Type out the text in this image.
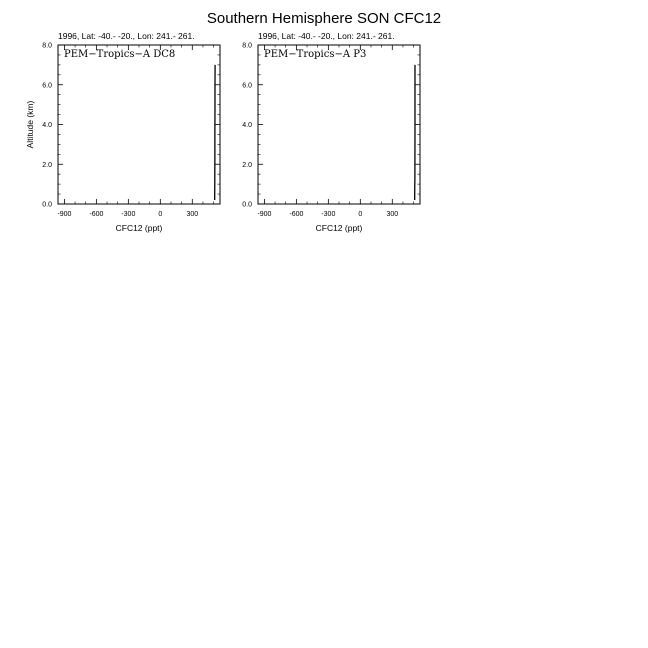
Southern Hemisphere SON CFC12
1996, Lat: -40.- -20., Lon: 241.- 261.
PEM−Tropics−A DC8
-900	-600	-300	0	300
0.0
2.0
4.0
6.0
8.0
CFC12 (ppt)
Altitude (km)
1996, Lat: -40.- -20., Lon: 241.- 261.
PEM−Tropics−A P3
-900	-600	-300	0	300
0.0
2.0
4.0
6.0
8.0
CFC12 (ppt)
